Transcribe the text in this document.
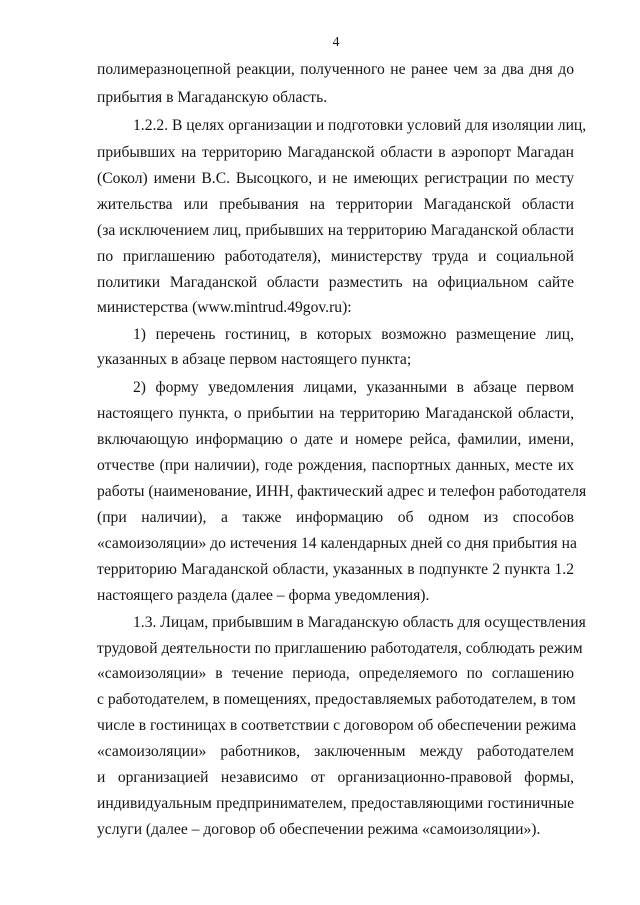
4
полимеразноцепной реакции, полученного не ранее чем за два дня до
прибытия в Магаданскую область.
1.2.2. В целях организации и подготовки условий для изоляции лиц,
прибывших на территорию Магаданской области в аэропорт Магадан
(Сокол) имени В.С. Высоцкого, и не имеющих регистрации по месту
жительства или пребывания на территории Магаданской области
(за исключением лиц, прибывших на территорию Магаданской области
по приглашению работодателя), министерству труда и социальной
политики Магаданской области разместить на официальном сайте
министерства (www.mintrud.49gov.ru):
1) перечень гостиниц, в которых возможно размещение лиц,
указанных в абзаце первом настоящего пункта;
2) форму уведомления лицами, указанными в абзаце первом
настоящего пункта, о прибытии на территорию Магаданской области,
включающую информацию о дате и номере рейса, фамилии, имени,
отчестве (при наличии), годе рождения, паспортных данных, месте их
работы (наименование, ИНН, фактический адрес и телефон работодателя
(при наличии), а также информацию об одном из способов
«самоизоляции» до истечения 14 календарных дней со дня прибытия на
территорию Магаданской области, указанных в подпункте 2 пункта 1.2
настоящего раздела (далее – форма уведомления).
1.3. Лицам, прибывшим в Магаданскую область для осуществления
трудовой деятельности по приглашению работодателя, соблюдать режим
«самоизоляции» в течение периода, определяемого по соглашению
с работодателем, в помещениях, предоставляемых работодателем, в том
числе в гостиницах в соответствии с договором об обеспечении режима
«самоизоляции» работников, заключенным между работодателем
и организацией независимо от организационно-правовой формы,
индивидуальным предпринимателем, предоставляющими гостиничные
услуги (далее – договор об обеспечении режима «самоизоляции»).
